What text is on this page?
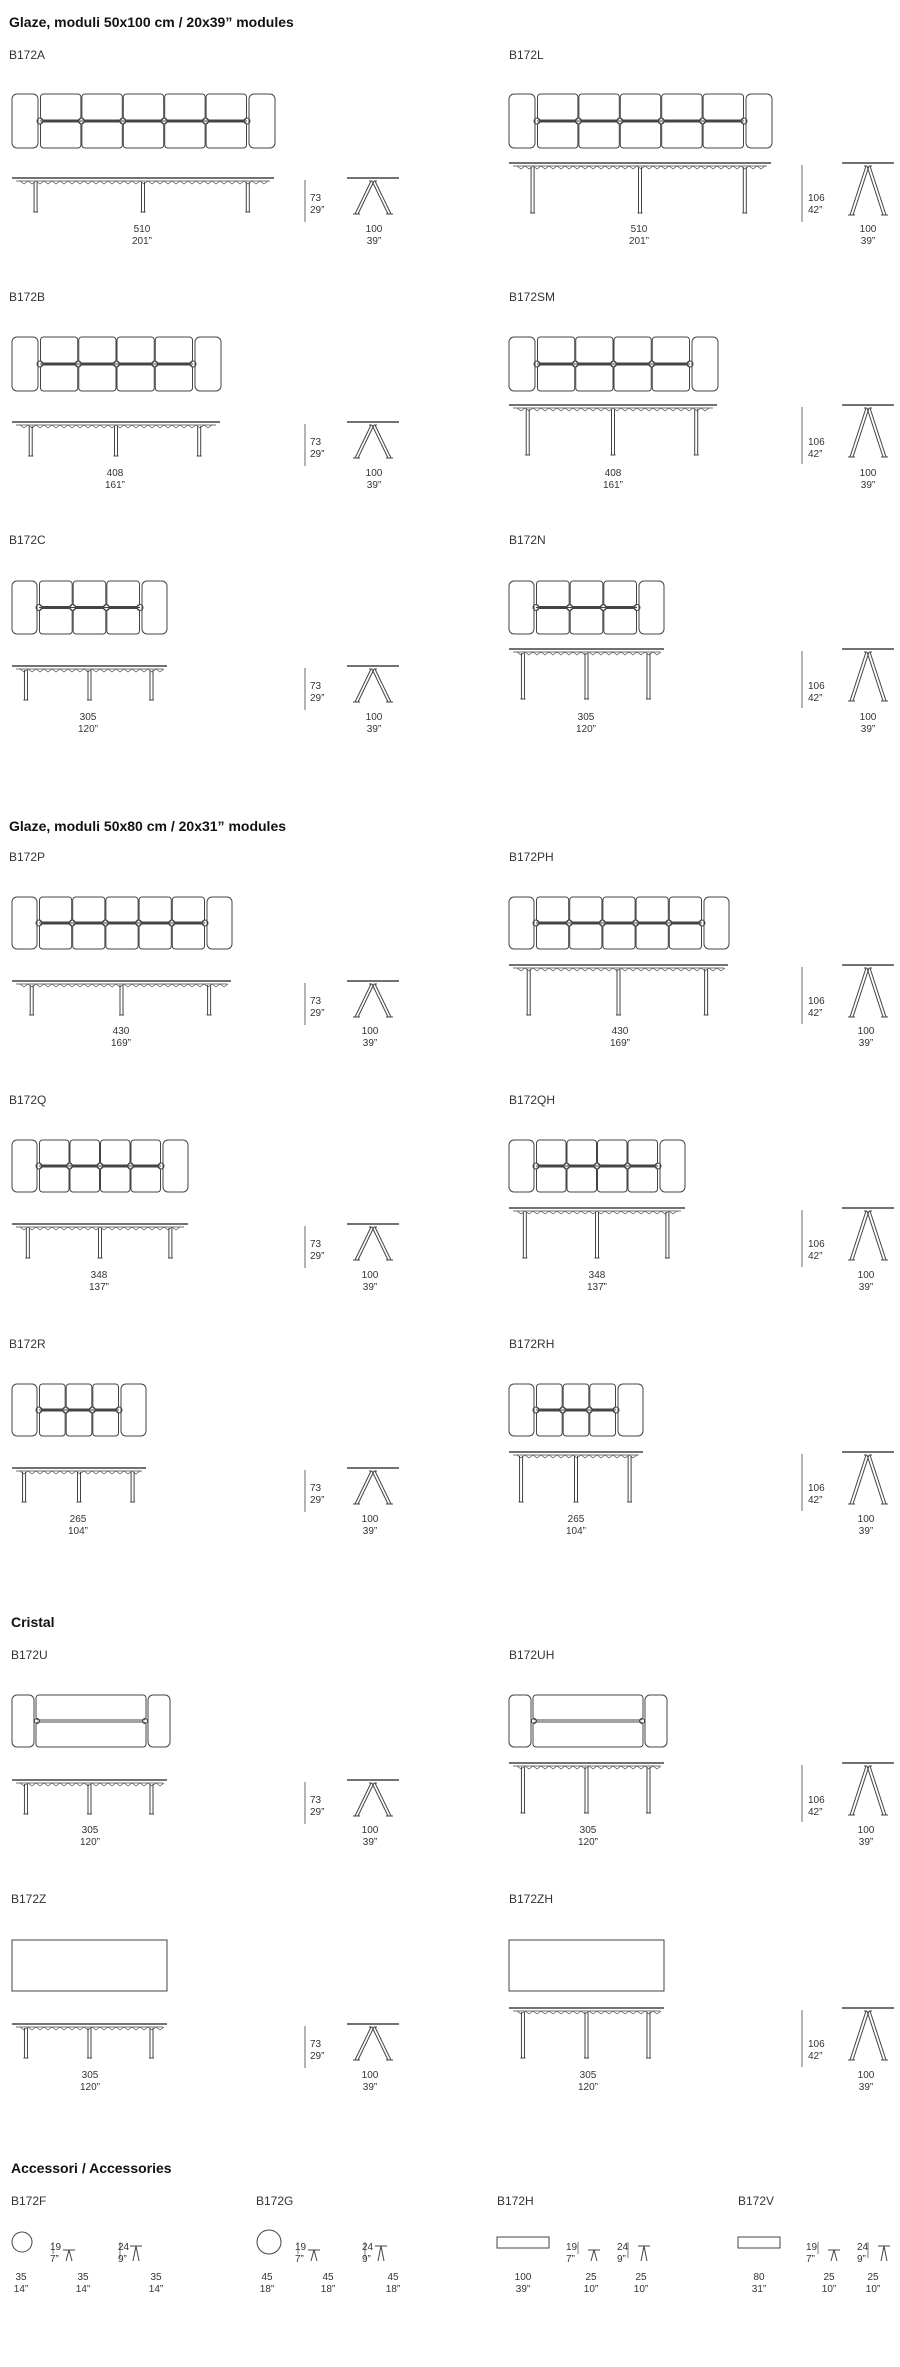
Glaze, moduli 50x100 cm / 20x39” modules
B172A
510
201”
73
29”
100
39”
B172L
510
201”
106
42”
100
39”
B172B
408
161”
73
29”
100
39”
B172SM
408
161”
106
42”
100
39”
B172C
305
120”
73
29”
100
39”
B172N
305
120”
106
42”
100
39”
Glaze, moduli 50x80 cm / 20x31” modules
B172P
430
169”
73
29”
100
39”
B172PH
430
169”
106
42”
100
39”
B172Q
348
137”
73
29”
100
39”
B172QH
348
137”
106
42”
100
39”
B172R
265
104”
73
29”
100
39”
B172RH
265
104”
106
42”
100
39”
Cristal
B172U
305
120”
73
29”
100
39”
B172UH
305
120”
106
42”
100
39”
B172Z
305
120”
73
29”
100
39”
B172ZH
305
120”
106
42”
100
39”
Accessori / Accessories
B172F
19
7”
24
9”
35
14”
35
14”
35
14”
B172G
19
7”
24
9”
45
18”
45
18”
45
18”
B172H
19
7”
24
9”
100
39”
25
10”
25
10”
B172V
19
7”
24
9”
80
31”
25
10”
25
10”
